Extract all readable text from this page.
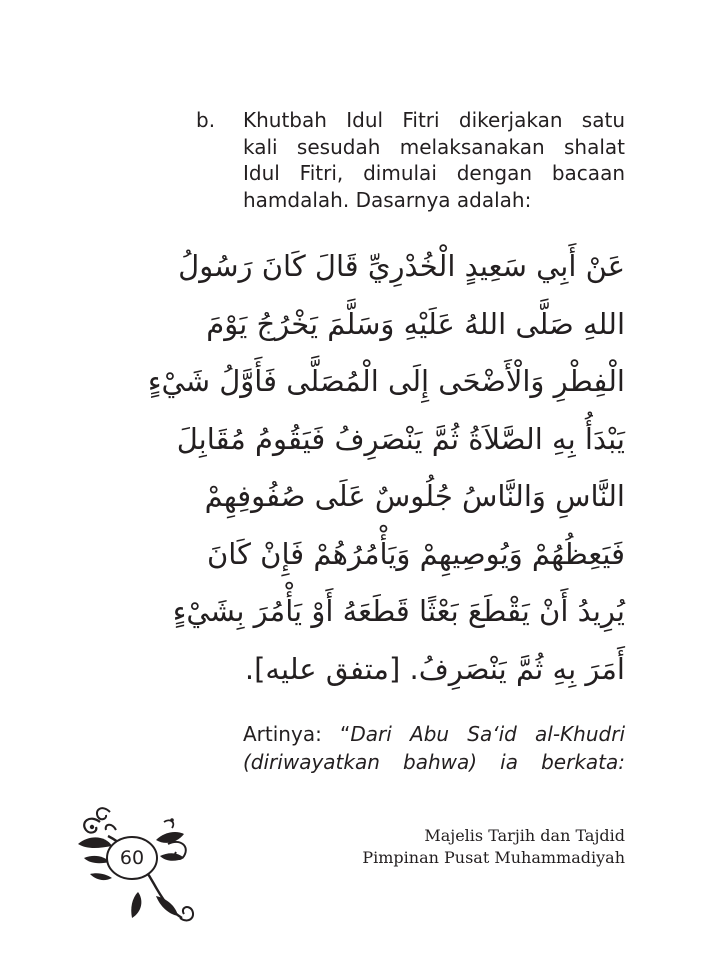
b. Khutbah Idul Fitri dikerjakan satu
kali sesudah melaksanakan shalat
Idul Fitri, dimulai dengan bacaan
hamdalah. Dasarnya adalah:

عَنْ أَبِي سَعِيدٍ الْخُدْرِيِّ قَالَ كَانَ رَسُولُ
اللهِ صَلَّى اللهُ عَلَيْهِ وَسَلَّمَ يَخْرُجُ يَوْمَ
الْفِطْرِ وَالْأَضْحَى إِلَى الْمُصَلَّى فَأَوَّلُ شَيْءٍ
يَبْدَأُ بِهِ الصَّلاَةُ ثُمَّ يَنْصَرِفُ فَيَقُومُ مُقَابِلَ
النَّاسِ وَالنَّاسُ جُلُوسٌ عَلَى صُفُوفِهِمْ
فَيَعِظُهُمْ وَيُوصِيهِمْ وَيَأْمُرُهُمْ فَإِنْ كَانَ
يُرِيدُ أَنْ يَقْطَعَ بَعْثًا قَطَعَهُ أَوْ يَأْمُرَ بِشَيْءٍ
أَمَرَ بِهِ ثُمَّ يَنْصَرِفُ. [متفق عليه].

Artinya: “Dari Abu Sa‘id al-Khudri
(diriwayatkan bahwa) ia berkata:

60

Majelis Tarjih dan Tajdid
Pimpinan Pusat Muhammadiyah
